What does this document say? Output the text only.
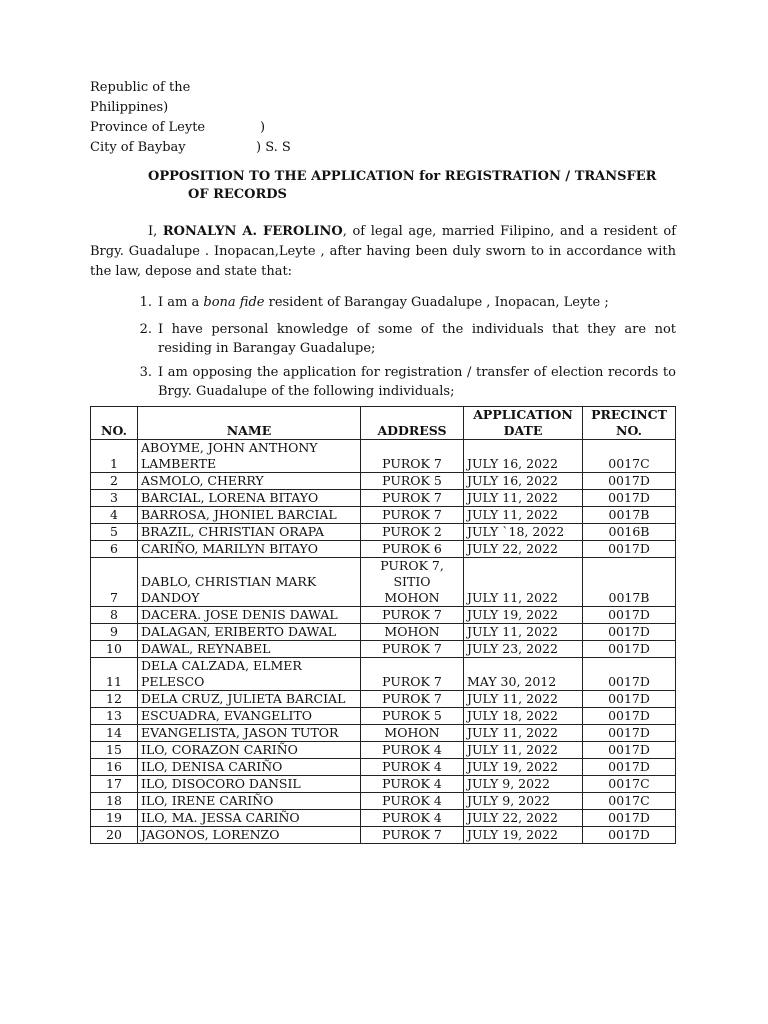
Republic of the Philippines)
Province of Leyte	)
City of Baybay	) S. S
OPPOSITION TO THE APPLICATION for REGISTRATION / TRANSFER
OF RECORDS
I, RONALYN A. FEROLINO, of legal age, married Filipino, and a resident of Brgy. Guadalupe . Inopacan,Leyte , after having been duly sworn to in accordance with the law, depose and state that:
1. I am a bona fide resident of Barangay Guadalupe , Inopacan, Leyte ;
2. I have personal knowledge of some of the individuals that they are not residing in Barangay Guadalupe;
3. I am opposing the application for registration / transfer of election records to Brgy. Guadalupe of the following individuals;
NO.	NAME	ADDRESS	APPLICATION DATE	PRECINCT NO.
1	ABOYME, JOHN ANTHONY LAMBERTE	PUROK 7	JULY 16, 2022	0017C
2	ASMOLO, CHERRY	PUROK 5	JULY 16, 2022	0017D
3	BARCIAL, LORENA BITAYO	PUROK 7	JULY 11, 2022	0017D
4	BARROSA, JHONIEL BARCIAL	PUROK 7	JULY 11, 2022	0017B
5	BRAZIL, CHRISTIAN ORAPA	PUROK 2	JULY `18, 2022	0016B
6	CARIÑO, MARILYN BITAYO	PUROK 6	JULY 22, 2022	0017D
7	DABLO, CHRISTIAN MARK DANDOY	PUROK 7, SITIO MOHON	JULY 11, 2022	0017B
8	DACERA. JOSE DENIS DAWAL	PUROK 7	JULY 19, 2022	0017D
9	DALAGAN, ERIBERTO DAWAL	MOHON	JULY 11, 2022	0017D
10	DAWAL, REYNABEL	PUROK 7	JULY 23, 2022	0017D
11	DELA CALZADA, ELMER PELESCO	PUROK 7	MAY 30, 2012	0017D
12	DELA CRUZ, JULIETA BARCIAL	PUROK 7	JULY 11, 2022	0017D
13	ESCUADRA, EVANGELITO	PUROK 5	JULY 18, 2022	0017D
14	EVANGELISTA, JASON TUTOR	MOHON	JULY 11, 2022	0017D
15	ILO, CORAZON CARIÑO	PUROK 4	JULY 11, 2022	0017D
16	ILO, DENISA CARIÑO	PUROK 4	JULY 19, 2022	0017D
17	ILO, DISOCORO DANSIL	PUROK 4	JULY 9, 2022	0017C
18	ILO, IRENE CARIÑO	PUROK 4	JULY 9, 2022	0017C
19	ILO, MA. JESSA CARIÑO	PUROK 4	JULY 22, 2022	0017D
20	JAGONOS, LORENZO	PUROK 7	JULY 19, 2022	0017D
